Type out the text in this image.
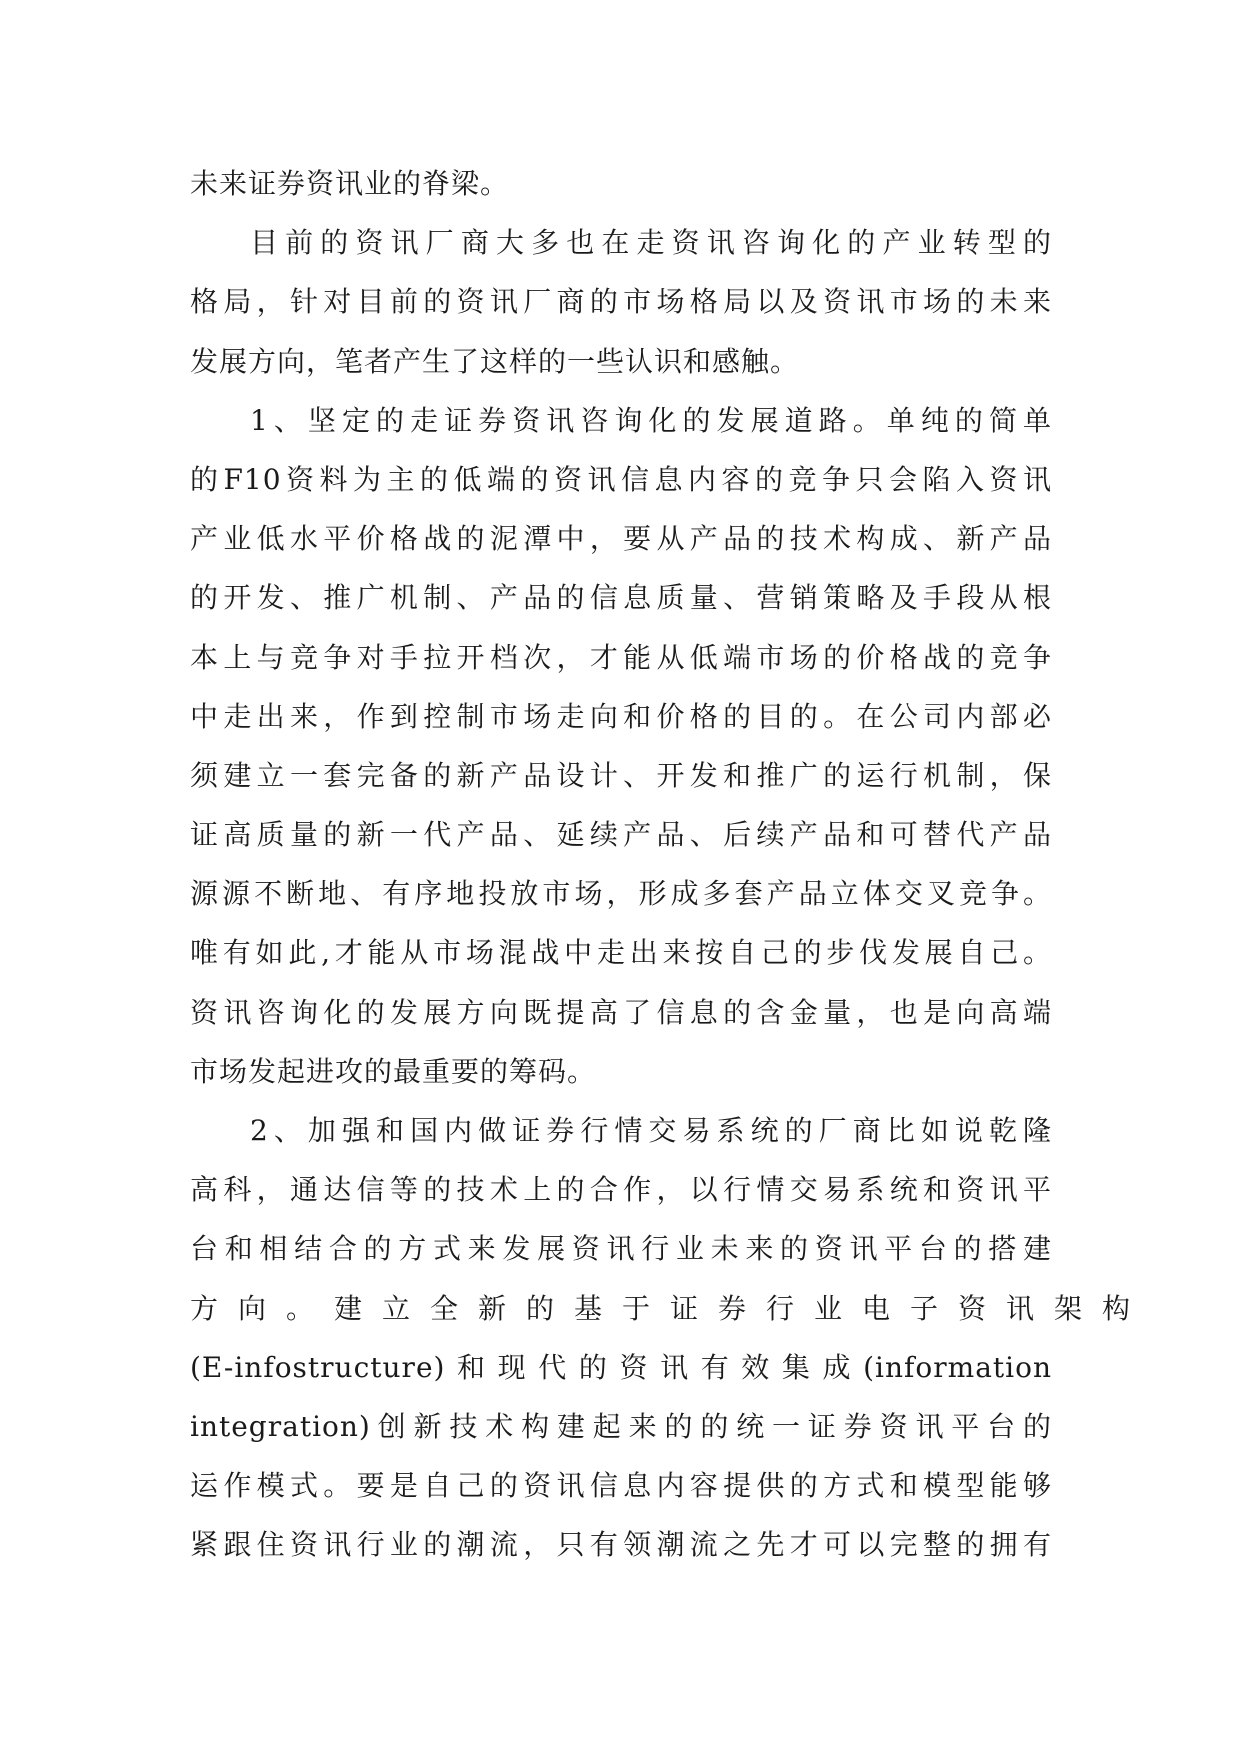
未来证券资讯业的脊梁。
目前的资讯厂商大多也在走资讯咨询化的产业转型的
格局，针对目前的资讯厂商的市场格局以及资讯市场的未来
发展方向，笔者产生了这样的一些认识和感触。
1、坚定的走证券资讯咨询化的发展道路。单纯的简单
的F10资料为主的低端的资讯信息内容的竞争只会陷入资讯
产业低水平价格战的泥潭中，要从产品的技术构成、新产品
的开发、推广机制、产品的信息质量、营销策略及手段从根
本上与竞争对手拉开档次，才能从低端市场的价格战的竞争
中走出来，作到控制市场走向和价格的目的。在公司内部必
须建立一套完备的新产品设计、开发和推广的运行机制，保
证高质量的新一代产品、延续产品、后续产品和可替代产品
源源不断地、有序地投放市场，形成多套产品立体交叉竞争。
唯有如此,才能从市场混战中走出来按自己的步伐发展自己。
资讯咨询化的发展方向既提高了信息的含金量，也是向高端
市场发起进攻的最重要的筹码。
2、加强和国内做证券行情交易系统的厂商比如说乾隆
高科，通达信等的技术上的合作，以行情交易系统和资讯平
台和相结合的方式来发展资讯行业未来的资讯平台的搭建
方向。建立全新的基于证券行业电子资讯架构
(E-infostructure)和现代的资讯有效集成(information
integration)创新技术构建起来的的统一证券资讯平台的
运作模式。要是自己的资讯信息内容提供的方式和模型能够
紧跟住资讯行业的潮流，只有领潮流之先才可以完整的拥有
